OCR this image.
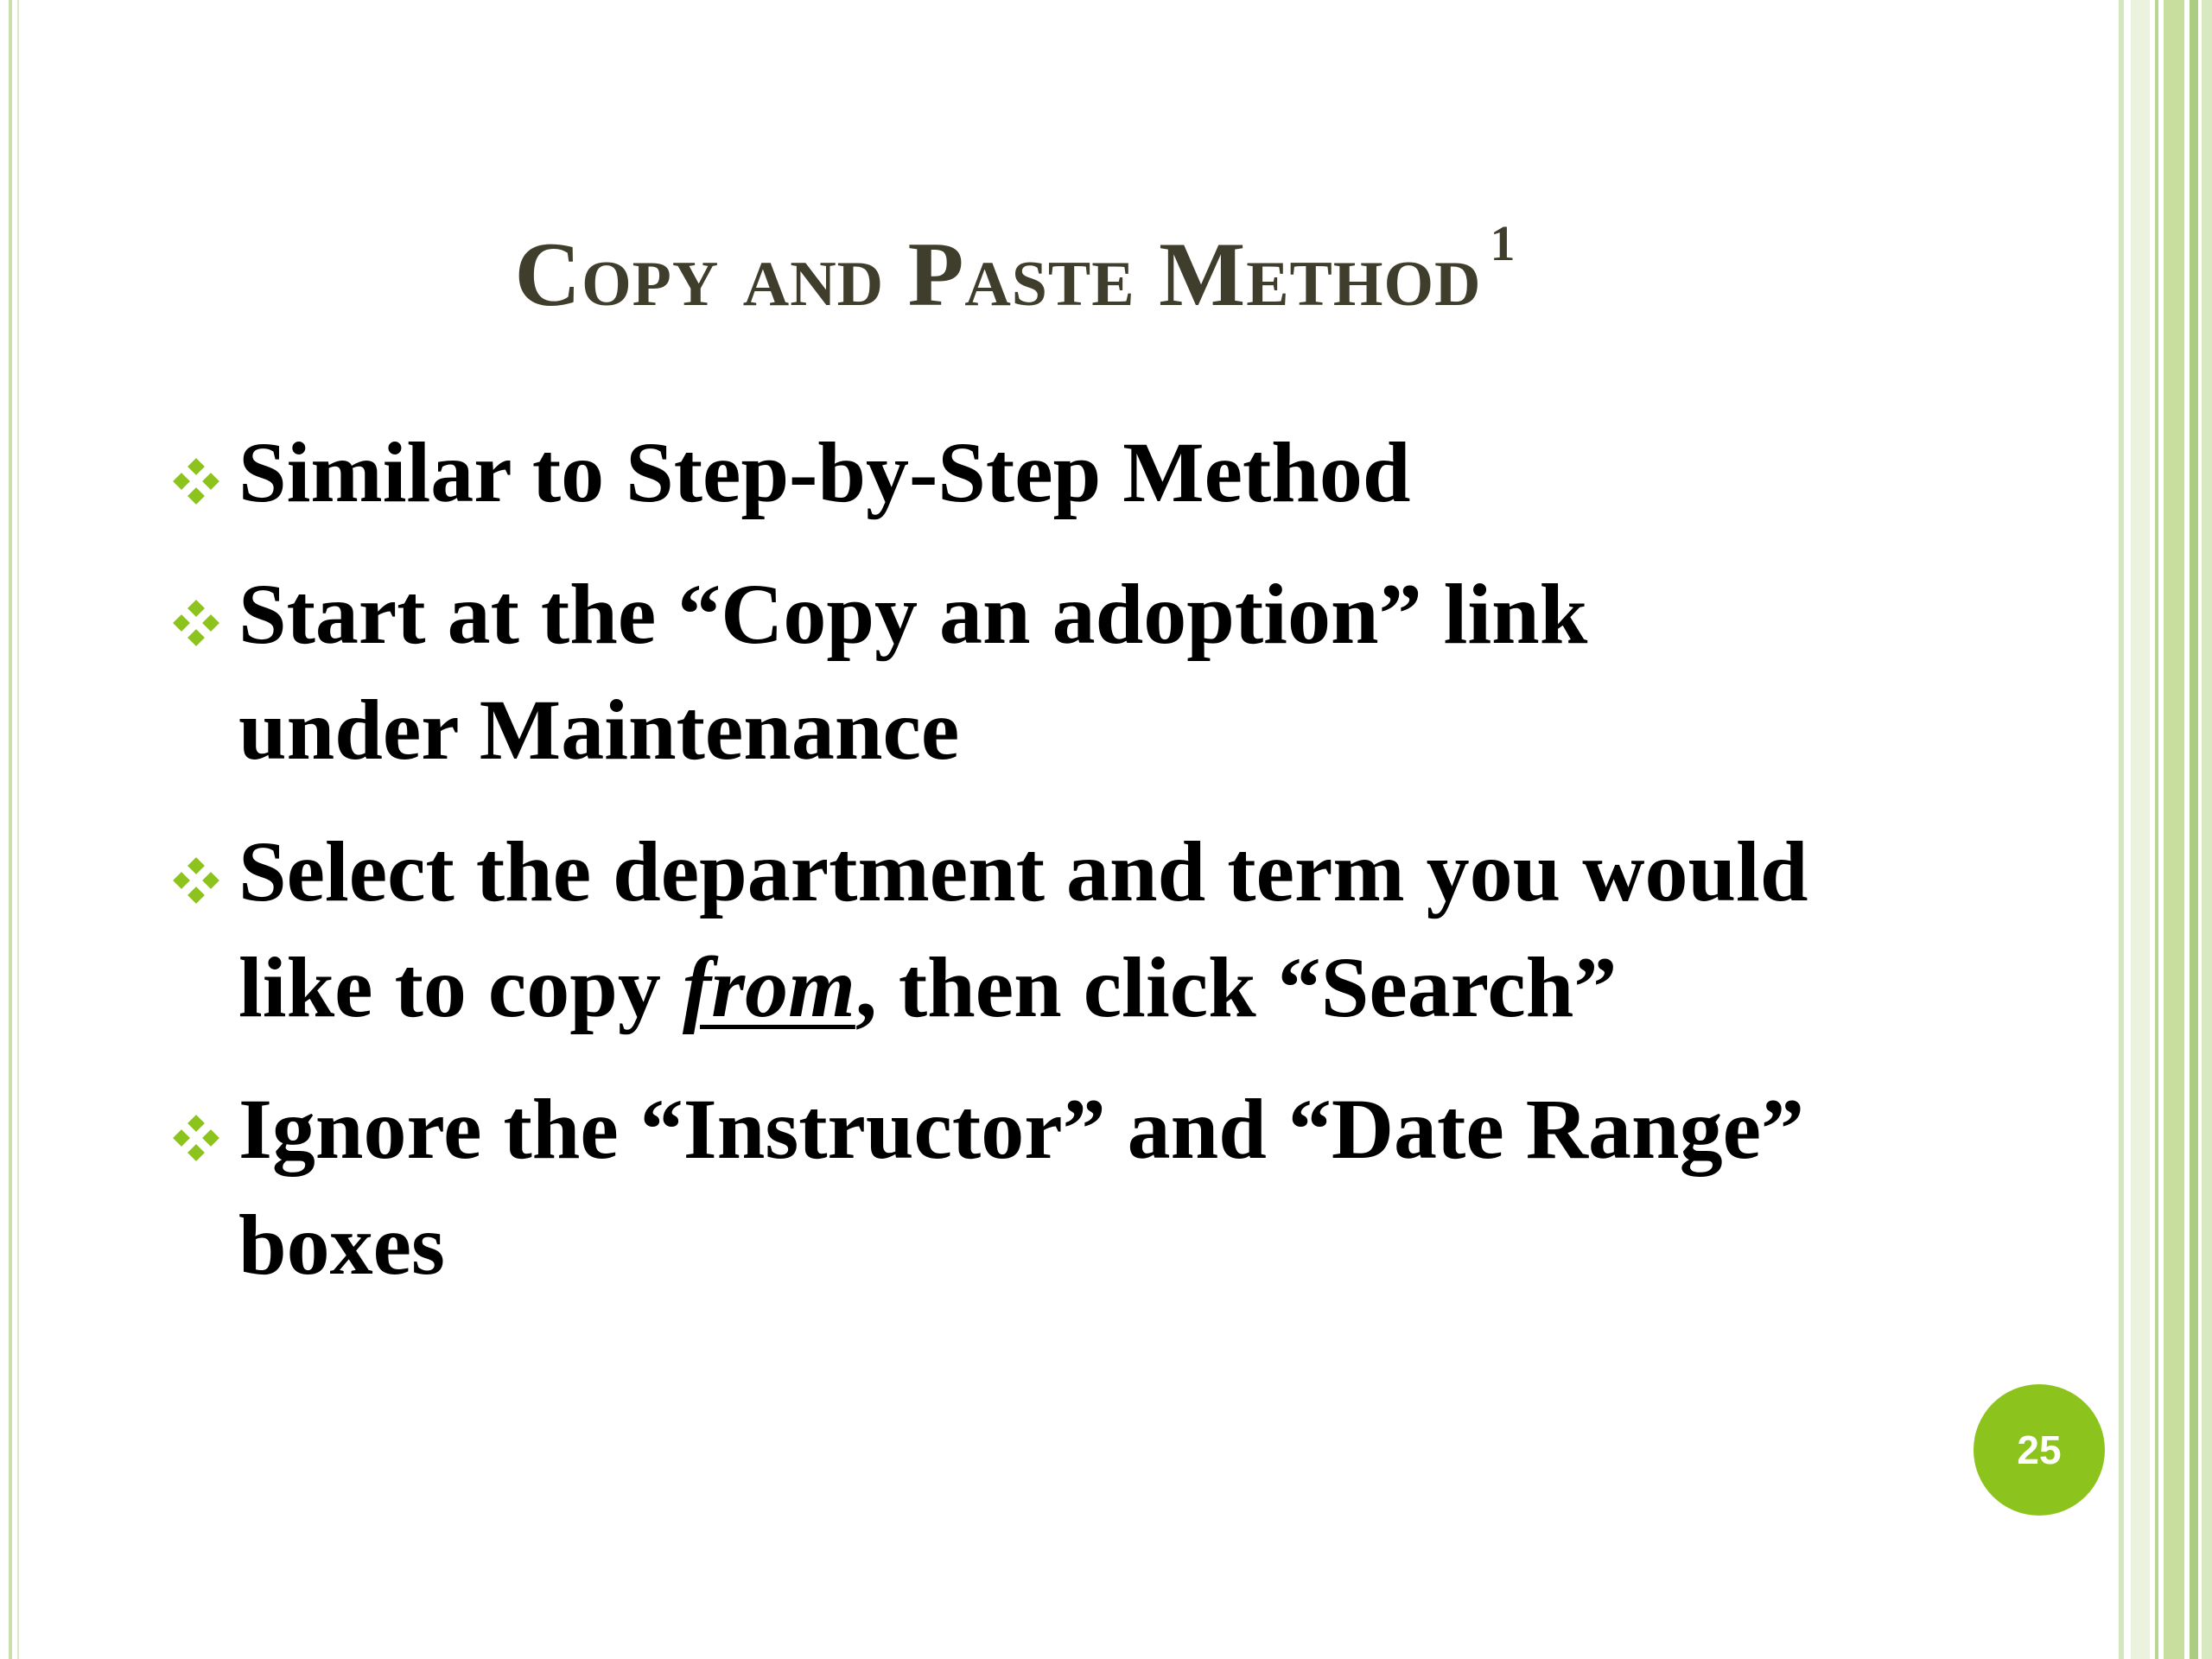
Copy and Paste Method $^1$
Similar to Step-by-Step Method
Start at the “Copy an adoption” link under Maintenance
Select the department and term you would like to copy from, then click “Search”
Ignore the “Instructor” and “Date Range” boxes
25
